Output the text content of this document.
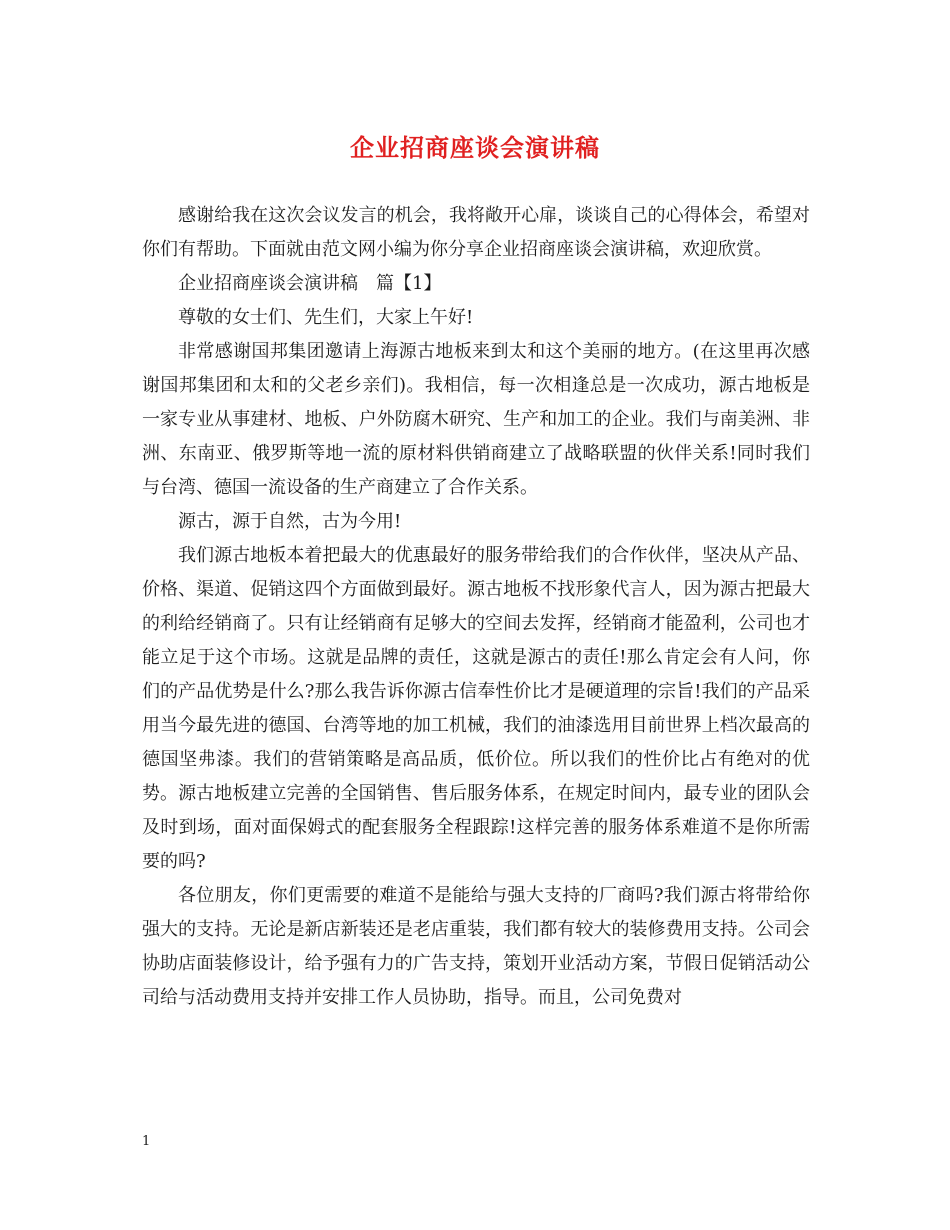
企业招商座谈会演讲稿

感谢给我在这次会议发言的机会，我将敞开心扉，谈谈自己的心得体会，希望对你们有帮助。下面就由范文网小编为你分享企业招商座谈会演讲稿，欢迎欣赏。

企业招商座谈会演讲稿　篇【1】

尊敬的女士们、先生们，大家上午好!

非常感谢国邦集团邀请上海源古地板来到太和这个美丽的地方。(在这里再次感谢国邦集团和太和的父老乡亲们)。我相信，每一次相逢总是一次成功，源古地板是一家专业从事建材、地板、户外防腐木研究、生产和加工的企业。我们与南美洲、非洲、东南亚、俄罗斯等地一流的原材料供销商建立了战略联盟的伙伴关系!同时我们与台湾、德国一流设备的生产商建立了合作关系。

源古，源于自然，古为今用!

我们源古地板本着把最大的优惠最好的服务带给我们的合作伙伴，坚决从产品、价格、渠道、促销这四个方面做到最好。源古地板不找形象代言人，因为源古把最大的利给经销商了。只有让经销商有足够大的空间去发挥，经销商才能盈利，公司也才能立足于这个市场。这就是品牌的责任，这就是源古的责任!那么肯定会有人问，你们的产品优势是什么?那么我告诉你源古信奉性价比才是硬道理的宗旨!我们的产品采用当今最先进的德国、台湾等地的加工机械，我们的油漆选用目前世界上档次最高的德国坚弗漆。我们的营销策略是高品质，低价位。所以我们的性价比占有绝对的优势。源古地板建立完善的全国销售、售后服务体系，在规定时间内，最专业的团队会及时到场，面对面保姆式的配套服务全程跟踪!这样完善的服务体系难道不是你所需要的吗?

各位朋友，你们更需要的难道不是能给与强大支持的厂商吗?我们源古将带给你强大的支持。无论是新店新装还是老店重装，我们都有较大的装修费用支持。公司会协助店面装修设计，给予强有力的广告支持，策划开业活动方案，节假日促销活动公司给与活动费用支持并安排工作人员协助，指导。而且，公司免费对

1
